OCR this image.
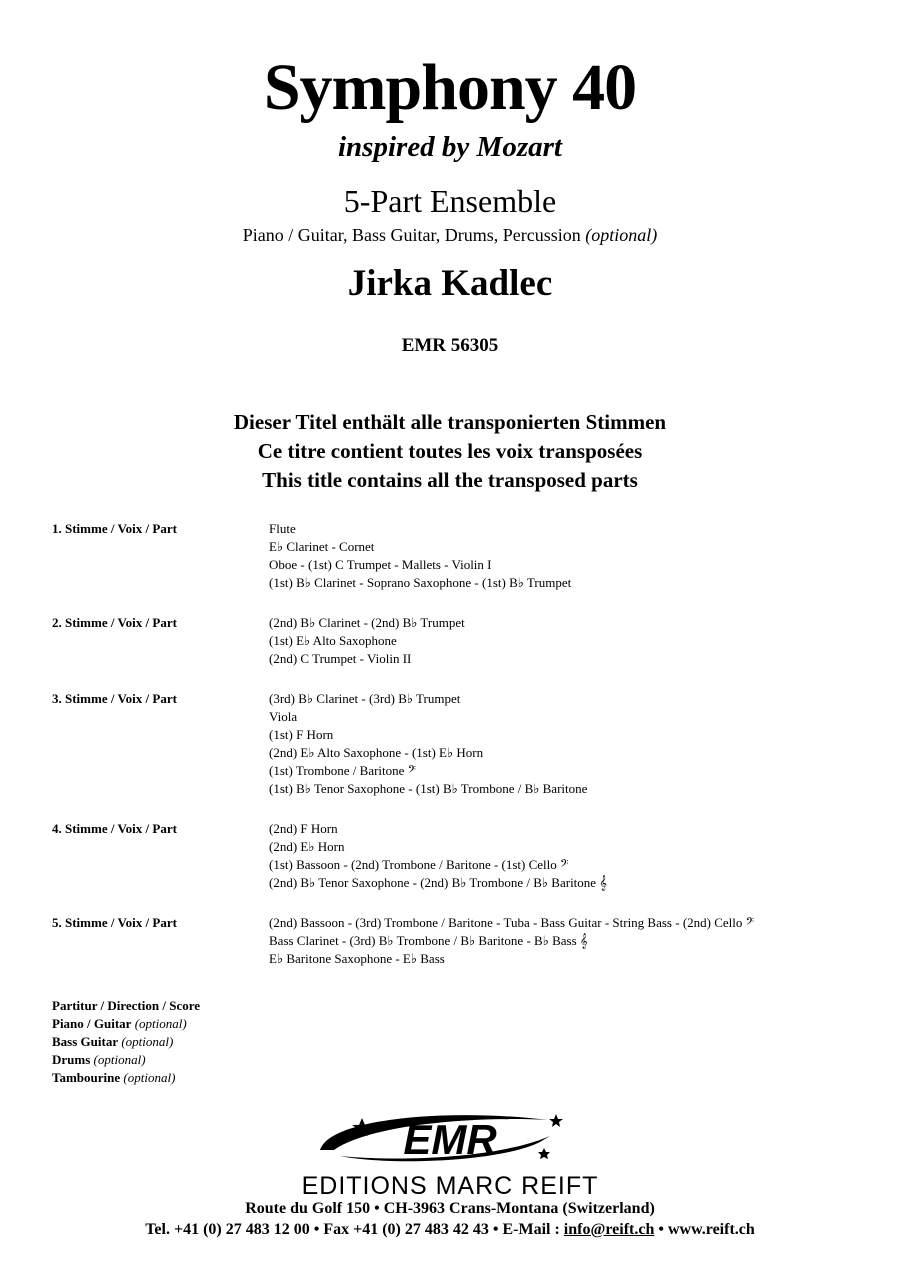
Symphony 40
inspired by Mozart
5-Part Ensemble
Piano / Guitar, Bass Guitar, Drums, Percussion (optional)
Jirka Kadlec
EMR 56305
Dieser Titel enthält alle transponierten Stimmen
Ce titre contient toutes les voix transposées
This title contains all the transposed parts
1. Stimme / Voix / Part	Flute
E♭ Clarinet - Cornet
Oboe - (1st) C Trumpet - Mallets - Violin I
(1st) B♭ Clarinet - Soprano Saxophone - (1st) B♭ Trumpet
2. Stimme / Voix / Part	(2nd) B♭ Clarinet - (2nd) B♭ Trumpet
(1st) E♭ Alto Saxophone
(2nd) C Trumpet - Violin II
3. Stimme / Voix / Part	(3rd) B♭ Clarinet - (3rd) B♭ Trumpet
Viola
(1st) F Horn
(2nd) E♭ Alto Saxophone - (1st) E♭ Horn
(1st) Trombone / Baritone 𝄢
(1st) B♭ Tenor Saxophone - (1st) B♭ Trombone / B♭ Baritone
4. Stimme / Voix / Part	(2nd) F Horn
(2nd) E♭ Horn
(1st) Bassoon - (2nd) Trombone / Baritone - (1st) Cello 𝄢
(2nd) B♭ Tenor Saxophone - (2nd) B♭ Trombone / B♭ Baritone 𝄞
5. Stimme / Voix / Part	(2nd) Bassoon - (3rd) Trombone / Baritone - Tuba - Bass Guitar - String Bass - (2nd) Cello 𝄢
Bass Clarinet - (3rd) B♭ Trombone / B♭ Baritone - B♭ Bass 𝄞
E♭ Baritone Saxophone - E♭ Bass
Partitur / Direction / Score
Piano / Guitar (optional)
Bass Guitar (optional)
Drums (optional)
Tambourine (optional)
EMR
EDITIONS MARC REIFT
Route du Golf 150 • CH-3963 Crans-Montana (Switzerland)
Tel. +41 (0) 27 483 12 00 • Fax +41 (0) 27 483 42 43 • E-Mail : info@reift.ch • www.reift.ch
